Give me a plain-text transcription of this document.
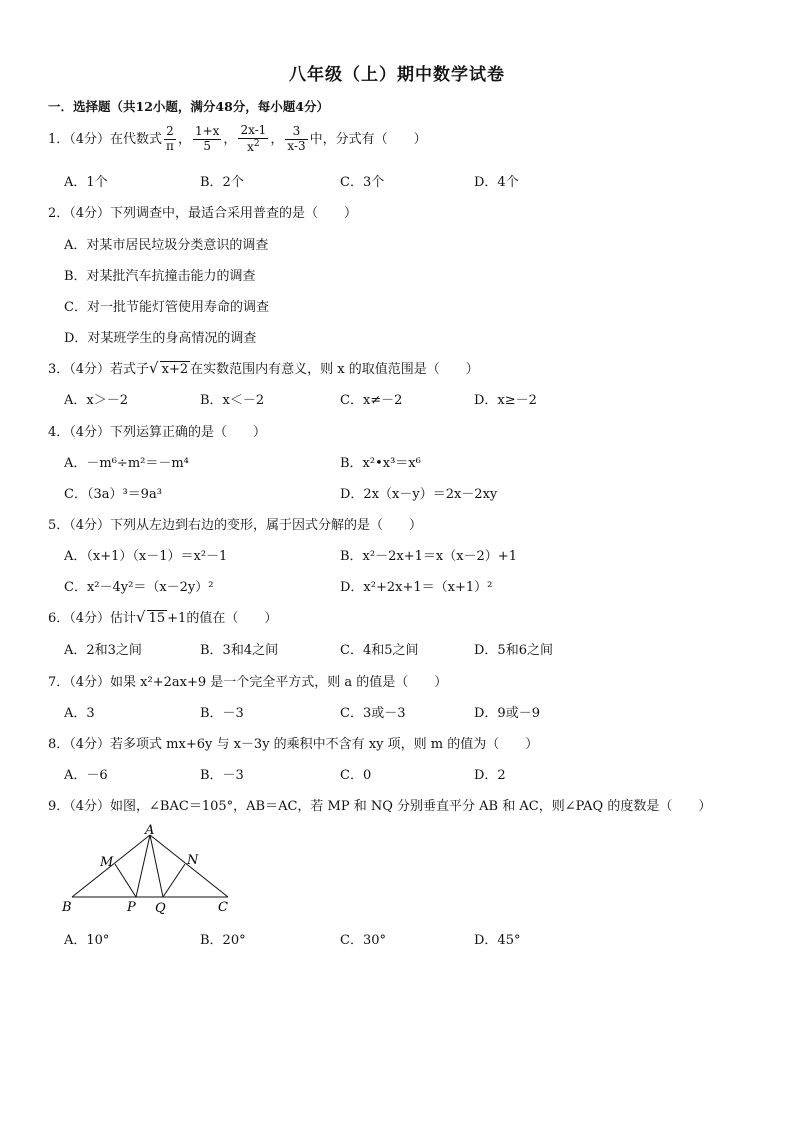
八年级（上）期中数学试卷
一．选择题（共12小题，满分48分，每小题4分）
1．（4分）在代数式 $\frac{2}{\pi}$ ， $\frac{1+x}{5}$ ， $\frac{2x-1}{x^2}$ ， $\frac{3}{x-3}$ 中，分式有（　　）
A．1个	B．2个	C．3个	D．4个
2．（4分）下列调查中，最适合采用普查的是（　　）
A．对某市居民垃圾分类意识的调查
B．对某批汽车抗撞击能力的调查
C．对一批节能灯管使用寿命的调查
D．对某班学生的身高情况的调查
3．（4分）若式子√ x+2 在实数范围内有意义，则 x 的取值范围是（　　）
A．x＞－2	B．x＜－2	C．x≠－2	D．x≥－2
4．（4分）下列运算正确的是（　　）
A．－m⁶÷m²＝－m⁴	B．x²•x³＝x⁶
C．（3a）³＝9a³	D．2x（x－y）＝2x－2xy
5．（4分）下列从左边到右边的变形，属于因式分解的是（　　）
A．（x+1）（x－1）＝x²－1	B．x²－2x+1＝x（x－2）+1
C．x²－4y²＝（x－2y）²	D．x²+2x+1＝（x+1）²
6．（4分）估计√ 15 +1的值在（　　）
A．2和3之间	B．3和4之间	C．4和5之间	D．5和6之间
7．（4分）如果 x²+2ax+9 是一个完全平方式，则 a 的值是（　　）
A．3	B．－3	C．3或－3	D．9或－9
8．（4分）若多项式 mx+6y 与 x－3y 的乘积中不含有 xy 项，则 m 的值为（　　）
A．－6	B．－3	C．0	D．2
9．（4分）如图，∠BAC＝105°，AB＝AC，若 MP 和 NQ 分别垂直平分 AB 和 AC，则∠PAQ 的度数是（　　）
A
B	C
M	N
P Q
A．10°	B．20°	C．30°	D．45°
